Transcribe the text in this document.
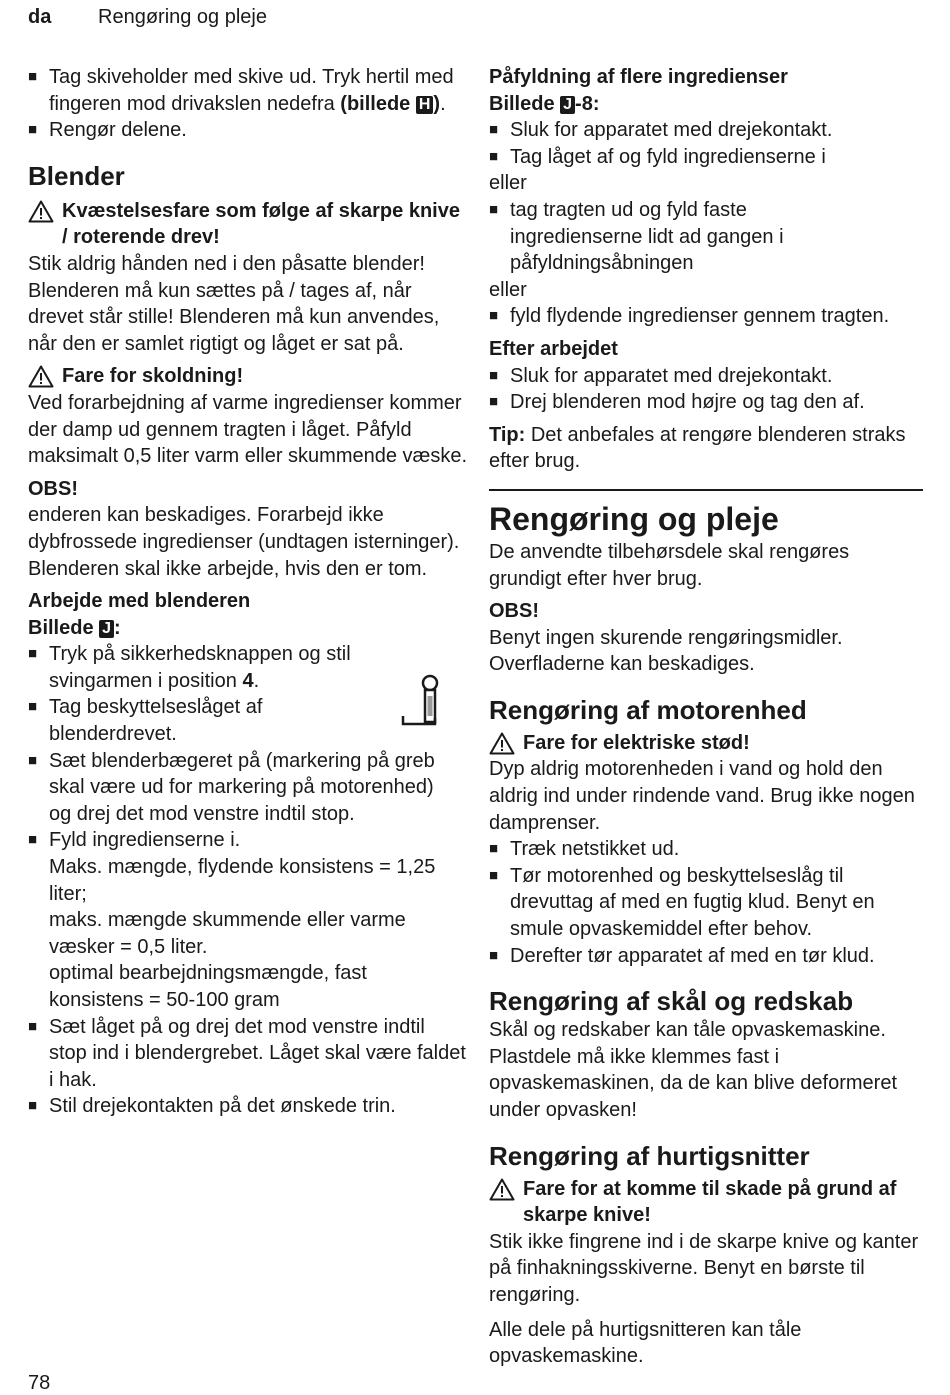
da	Rengøring og pleje
■ Tag skiveholder med skive ud. Tryk hertil med fingeren mod drivakslen nedefra (billede H ).
■ Rengør delene.
Blender
Kvæstelsesfare som følge af skarpe knive / roterende drev!

Stik aldrig hånden ned i den påsatte blender! Blenderen må kun sættes på / tages af, når drevet står stille! Blenderen må kun anvendes, når den er samlet rigtigt og låget er sat på.

Fare for skoldning!

Ved forarbejdning af varme ingredienser kommer der damp ud gennem tragten i låget. Påfyld maksimalt 0,5 liter varm eller skummende væske.

OBS!

enderen kan beskadiges. Forarbejd ikke dybfrossede ingredienser (undtagen isterninger). Blenderen skal ikke arbejde, hvis den er tom.

Arbejde med blenderen
Billede J :
■ Tryk på sikkerhedsknappen og stil svingarmen i position 4.
■ Tag beskyttelseslåget af blenderdrevet.
■ Sæt blenderbægeret på (markering på greb skal være ud for markering på motorenhed) og drej det mod venstre indtil stop.
■ Fyld ingredienserne i.
Maks. mængde, flydende konsistens = 1,25 liter;
maks. mængde skummende eller varme væsker = 0,5 liter.
optimal bearbejdningsmængde, fast konsistens = 50-100 gram
■ Sæt låget på og drej det mod venstre indtil stop ind i blendergrebet. Låget skal være faldet i hak.
■ Stil drejekontakten på det ønskede trin.
Påfyldning af flere ingredienser
Billede J -8:
■ Sluk for apparatet med drejekontakt.
■ Tag låget af og fyld ingredienserne i

eller

■ tag tragten ud og fyld faste ingredienserne lidt ad gangen i påfyldningsåbningen

eller

■ fyld flydende ingredienser gennem tragten.
Efter arbejdet
■ Sluk for apparatet med drejekontakt.
■ Drej blenderen mod højre og tag den af.

Tip: Det anbefales at rengøre blenderen straks efter brug.

Rengøring og pleje

De anvendte tilbehørsdele skal rengøres grundigt efter hver brug.

OBS!

Benyt ingen skurende rengøringsmidler. Overfladerne kan beskadiges.

Rengøring af motorenhed
Fare for elektriske stød!

Dyp aldrig motorenheden i vand og hold den aldrig ind under rindende vand. Brug ikke nogen damprenser.

■ Træk netstikket ud.
■ Tør motorenhed og beskyttelseslåg til drevuttag af med en fugtig klud. Benyt en smule opvaskemiddel efter behov.
■ Derefter tør apparatet af med en tør klud.
Rengøring af skål og redskab

Skål og redskaber kan tåle opvaskemaskine. Plastdele må ikke klemmes fast i opvaskemaskinen, da de kan blive deformeret under opvasken!

Rengøring af hurtigsnitter
Fare for at komme til skade på grund af skarpe knive!

Stik ikke fingrene ind i de skarpe knive og kanter på finhakningsskiverne. Benyt en børste til rengøring.

Alle dele på hurtigsnitteren kan tåle opvaskemaskine.

78
